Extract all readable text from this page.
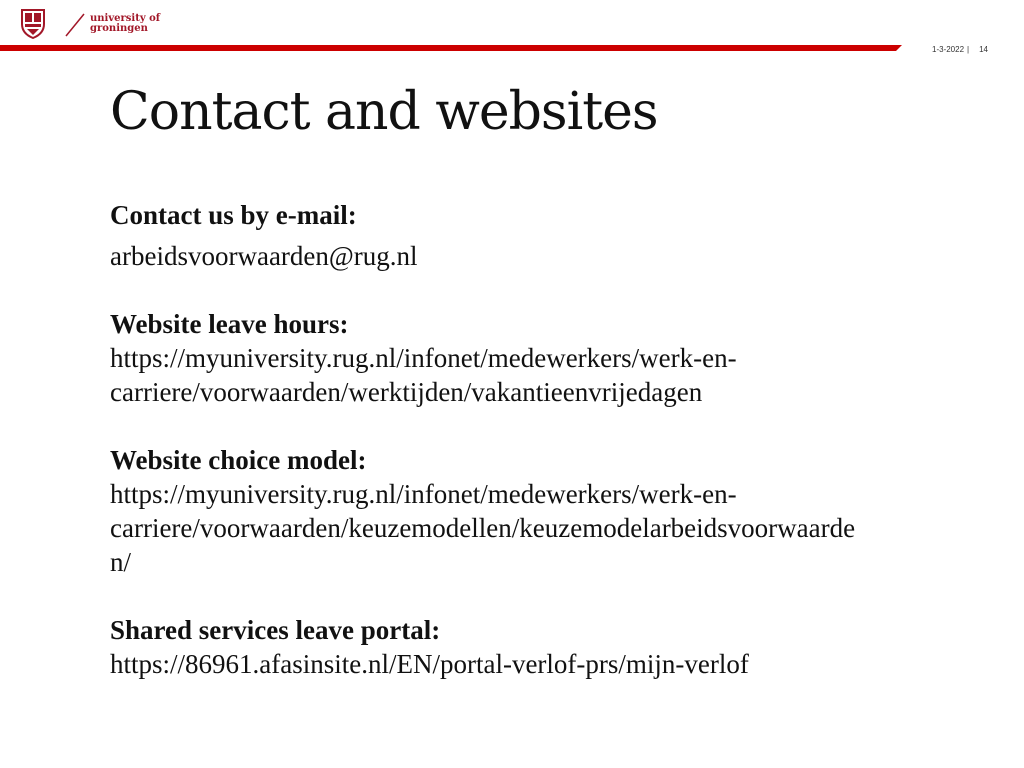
university of
groningen
1-3-2022 | 14
Contact and websites
Contact us by e-mail:
arbeidsvoorwaarden@rug.nl
Website leave hours:
https://myuniversity.rug.nl/infonet/medewerkers/werk-en-
carriere/voorwaarden/werktijden/vakantieenvrijedagen
Website choice model:
https://myuniversity.rug.nl/infonet/medewerkers/werk-en-
carriere/voorwaarden/keuzemodellen/keuzemodelarbeidsvoorwaarde
n/
Shared services leave portal:
https://86961.afasinsite.nl/EN/portal-verlof-prs/mijn-verlof
